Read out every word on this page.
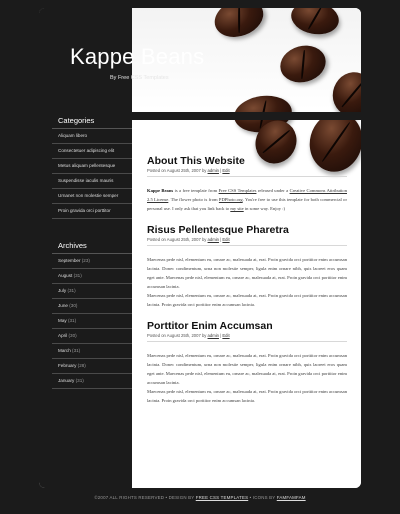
Kappe Beans
By Free CSS Templates
Categories
Aliquam libero
Consectetuer adipiscing elit
Metus aliquam pellentesque
Suspendisse iaculis mauris
Urnanet non molestie semper
Proin gravida orci porttitor
Archives
September (23)
August (31)
July (31)
June (30)
May (31)
April (30)
March (31)
February (28)
January (31)
About This Website
Posted on August 25th, 2007 by admin | Edit
Kappe Beans is a free template from Free CSS Templates released under a Creative Commons Attribution 2.5 License. The flower photo is from PDPhoto.org. You're free to use this template for both commercial or personal use. I only ask that you link back to my site in some way. Enjoy :)
Risus Pellentesque Pharetra
Posted on August 25th, 2007 by admin | Edit
Maecenas pede nisl, elementum eu, ornare ac, malesuada at, erat. Proin gravida orci porttitor enim accumsan lacinia. Donec condimentum, urna non molestie semper, ligula enim ornare nibh, quis laoreet eros quam eget ante. Maecenas pede nisl, elementum eu, ornare ac, malesuada at, erat. Proin gravida orci porttitor enim accumsan lacinia.
Maecenas pede nisl, elementum eu, ornare ac, malesuada at, erat. Proin gravida orci porttitor enim accumsan lacinia. Proin gravida orci porttitor enim accumsan lacinia.
Porttitor Enim Accumsan
Posted on August 25th, 2007 by admin | Edit
Maecenas pede nisl, elementum eu, ornare ac, malesuada at, erat. Proin gravida orci porttitor enim accumsan lacinia. Donec condimentum, urna non molestie semper, ligula enim ornare nibh, quis laoreet eros quam eget ante. Maecenas pede nisl, elementum eu, ornare ac, malesuada at, erat. Proin gravida orci porttitor enim accumsan lacinia.
Maecenas pede nisl, elementum eu, ornare ac, malesuada at, erat. Proin gravida orci porttitor enim accumsan lacinia. Proin gravida orci porttitor enim accumsan lacinia.
©2007 ALL RIGHTS RESERVED • DESIGN BY FREE CSS TEMPLATES • ICONS BY FAMFAMFAM
